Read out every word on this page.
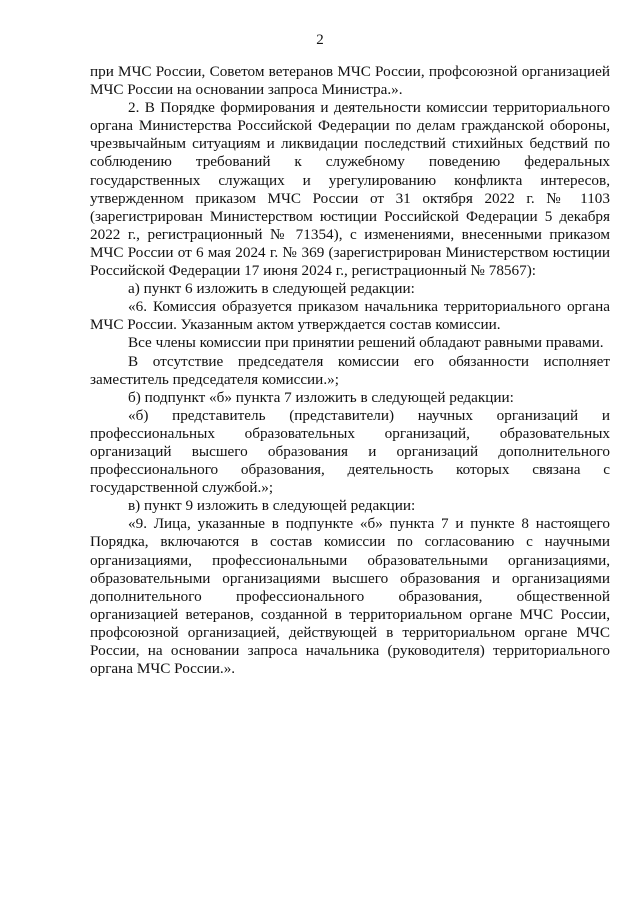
2

при МЧС России, Советом ветеранов МЧС России, профсоюзной организацией МЧС России на основании запроса Министра.».

2. В Порядке формирования и деятельности комиссии территориального органа Министерства Российской Федерации по делам гражданской обороны, чрезвычайным ситуациям и ликвидации последствий стихийных бедствий по соблюдению требований к служебному поведению федеральных государственных служащих и урегулированию конфликта интересов, утвержденном приказом МЧС России от 31 октября 2022 г. № 1103 (зарегистрирован Министерством юстиции Российской Федерации 5 декабря 2022 г., регистрационный № 71354), с изменениями, внесенными приказом МЧС России от 6 мая 2024 г. № 369 (зарегистрирован Министерством юстиции Российской Федерации 17 июня 2024 г., регистрационный № 78567):

а) пункт 6 изложить в следующей редакции:

«6. Комиссия образуется приказом начальника территориального органа МЧС России. Указанным актом утверждается состав комиссии.

Все члены комиссии при принятии решений обладают равными правами.

В отсутствие председателя комиссии его обязанности исполняет заместитель председателя комиссии.»;

б) подпункт «б» пункта 7 изложить в следующей редакции:

«б) представитель (представители) научных организаций и профессиональных образовательных организаций, образовательных организаций высшего образования и организаций дополнительного профессионального образования, деятельность которых связана с государственной службой.»;

в) пункт 9 изложить в следующей редакции:

«9. Лица, указанные в подпункте «б» пункта 7 и пункте 8 настоящего Порядка, включаются в состав комиссии по согласованию с научными организациями, профессиональными образовательными организациями, образовательными организациями высшего образования и организациями дополнительного профессионального образования, общественной организацией ветеранов, созданной в территориальном органе МЧС России, профсоюзной организацией, действующей в территориальном органе МЧС России, на основании запроса начальника (руководителя) территориального органа МЧС России.».
